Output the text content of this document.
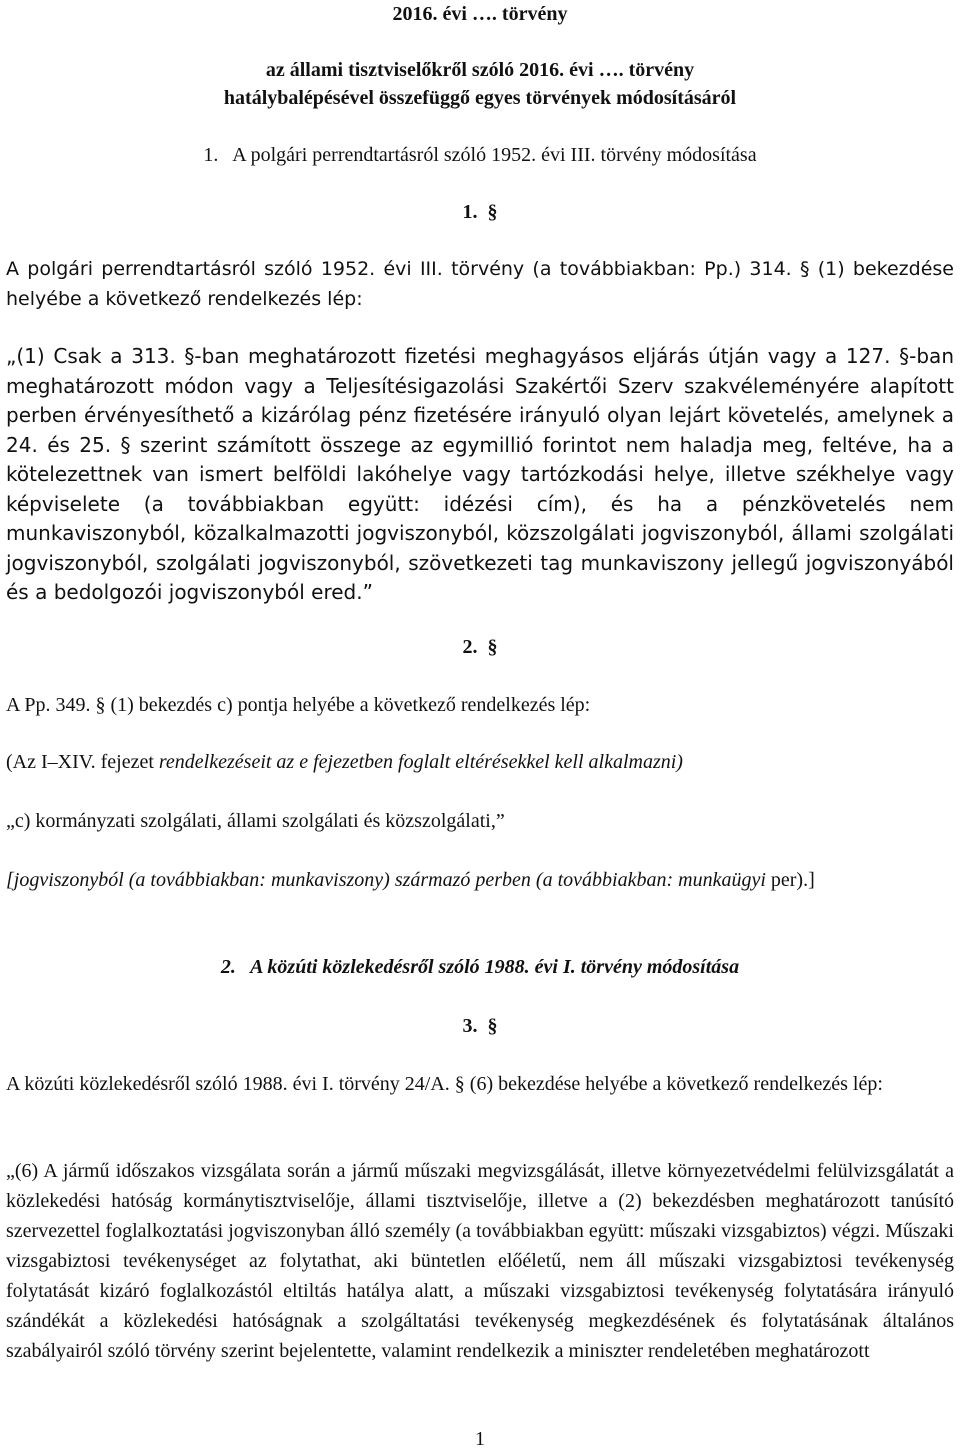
2016. évi …. törvény
az állami tisztviselőkről szóló 2016. évi …. törvény
hatálybalépésével összefüggő egyes törvények módosításáról
1.   A polgári perrendtartásról szóló 1952. évi III. törvény módosítása
1.  §
A polgári perrendtartásról szóló 1952. évi III. törvény (a továbbiakban: Pp.) 314. § (1) bekezdése helyébe a következő rendelkezés lép:
„(1) Csak a 313. §-ban meghatározott fizetési meghagyásos eljárás útján vagy a 127. §-ban meghatározott módon vagy a Teljesítésigazolási Szakértői Szerv szakvéleményére alapított perben érvényesíthető a kizárólag pénz fizetésére irányuló olyan lejárt követelés, amelynek a 24. és 25. § szerint számított összege az egymillió forintot nem haladja meg, feltéve, ha a kötelezettnek van ismert belföldi lakóhelye vagy tartózkodási helye, illetve székhelye vagy képviselete (a továbbiakban együtt: idézési cím), és ha a pénzkövetelés nem munkaviszonyból, közalkalmazotti jogviszonyból, közszolgálati jogviszonyból, állami szolgálati jogviszonyból, szolgálati jogviszonyból, szövetkezeti tag munkaviszony jellegű jogviszonyából és a bedolgozói jogviszonyból ered.”
2.  §
A Pp. 349. § (1) bekezdés c) pontja helyébe a következő rendelkezés lép:
(Az I–XIV. fejezet rendelkezéseit az e fejezetben foglalt eltérésekkel kell alkalmazni)
„c) kormányzati szolgálati, állami szolgálati és közszolgálati,”
[jogviszonyból (a továbbiakban: munkaviszony) származó perben (a továbbiakban: munkaügyi per).]
2.   A közúti közlekedésről szóló 1988. évi I. törvény módosítása
3.  §
A közúti közlekedésről szóló 1988. évi I. törvény 24/A. § (6) bekezdése helyébe a következő rendelkezés lép:
„(6) A jármű időszakos vizsgálata során a jármű műszaki megvizsgálását, illetve környezetvédelmi felülvizsgálatát a közlekedési hatóság kormánytisztviselője, állami tisztviselője, illetve a (2) bekezdésben meghatározott tanúsító szervezettel foglalkoztatási jogviszonyban álló személy (a továbbiakban együtt: műszaki vizsgabiztos) végzi. Műszaki vizsgabiztosi tevékenységet az folytathat, aki büntetlen előéletű, nem áll műszaki vizsgabiztosi tevékenység folytatását kizáró foglalkozástól eltiltás hatálya alatt, a műszaki vizsgabiztosi tevékenység folytatására irányuló szándékát a közlekedési hatóságnak a szolgáltatási tevékenység megkezdésének és folytatásának általános szabályairól szóló törvény szerint bejelentette, valamint rendelkezik a miniszter rendeletében meghatározott
1
